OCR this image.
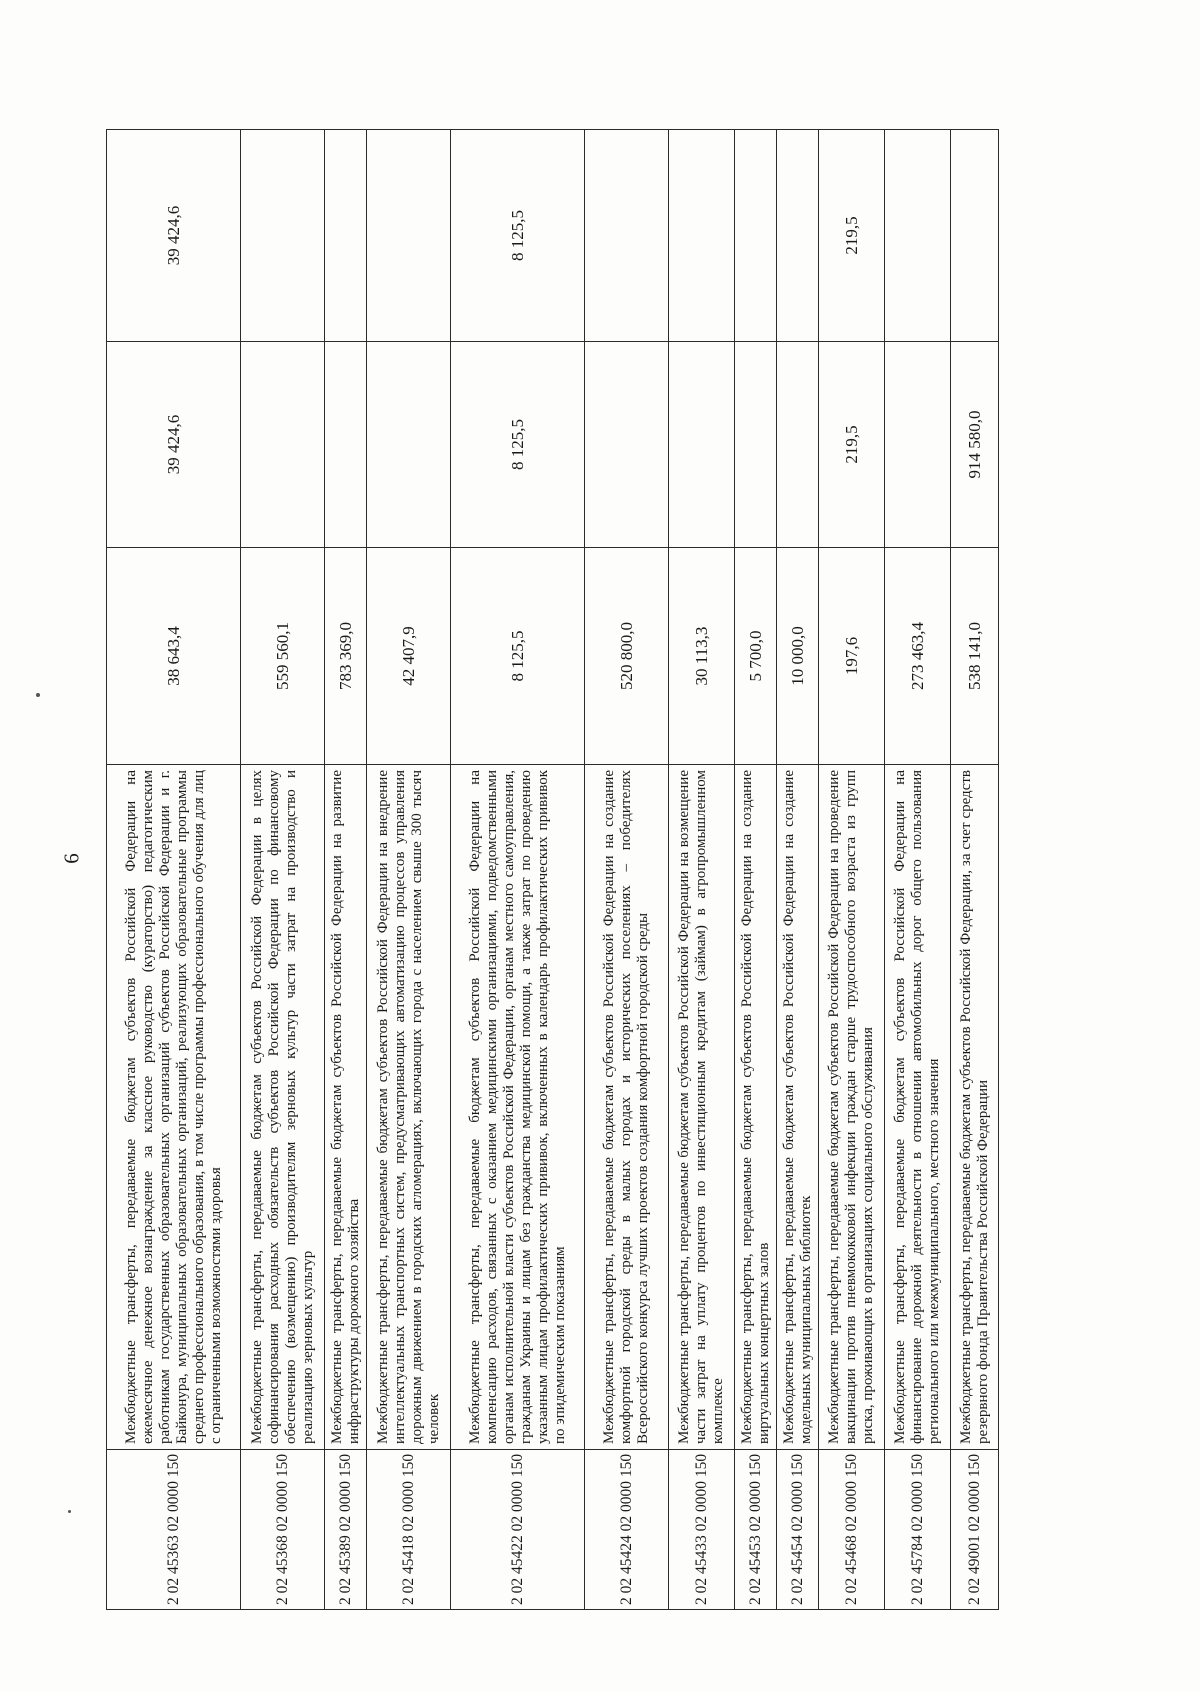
6
2 02 45363 02 0000 150	Межбюджетные трансферты, передаваемые бюджетам субъектов Российской Федерации на ежемесячное денежное вознаграждение за классное руководство (кураторство) педагогическим работникам государственных образовательных организаций субъектов Российской Федерации и г. Байконура, муниципальных образовательных организаций, реализующих образовательные программы среднего профессионального образования, в том числе программы профессионального обучения для лиц с ограниченными возможностями здоровья	38 643,4	39 424,6	39 424,6
2 02 45368 02 0000 150	Межбюджетные трансферты, передаваемые бюджетам субъектов Российской Федерации в целях софинансирования расходных обязательств субъектов Российской Федерации по финансовому обеспечению (возмещению) производителям зерновых культур части затрат на производство и реализацию зерновых культур	559 560,1		
2 02 45389 02 0000 150	Межбюджетные трансферты, передаваемые бюджетам субъектов Российской Федерации на развитие инфраструктуры дорожного хозяйства	783 369,0		
2 02 45418 02 0000 150	Межбюджетные трансферты, передаваемые бюджетам субъектов Российской Федерации на внедрение интеллектуальных транспортных систем, предусматривающих автоматизацию процессов управления дорожным движением в городских агломерациях, включающих города с населением свыше 300 тысяч человек	42 407,9		
2 02 45422 02 0000 150	Межбюджетные трансферты, передаваемые бюджетам субъектов Российской Федерации на компенсацию расходов, связанных с оказанием медицинскими организациями, подведомственными органам исполнительной власти субъектов Российской Федерации, органам местного самоуправления, гражданам Украины и лицам без гражданства медицинской помощи, а также затрат по проведению указанным лицам профилактических прививок, включенных в календарь профилактических прививок по эпидемическим показаниям	8 125,5	8 125,5	8 125,5
2 02 45424 02 0000 150	Межбюджетные трансферты, передаваемые бюджетам субъектов Российской Федерации на создание комфортной городской среды в малых городах и исторических поселениях – победителях Всероссийского конкурса лучших проектов создания комфортной городской среды	520 800,0		
2 02 45433 02 0000 150	Межбюджетные трансферты, передаваемые бюджетам субъектов Российской Федерации на возмещение части затрат на уплату процентов по инвестиционным кредитам (займам) в агропромышленном комплексе	30 113,3		
2 02 45453 02 0000 150	Межбюджетные трансферты, передаваемые бюджетам субъектов Российской Федерации на создание виртуальных концертных залов	5 700,0		
2 02 45454 02 0000 150	Межбюджетные трансферты, передаваемые бюджетам субъектов Российской Федерации на создание модельных муниципальных библиотек	10 000,0		
2 02 45468 02 0000 150	Межбюджетные трансферты, передаваемые бюджетам субъектов Российской Федерации на проведение вакцинации против пневмококковой инфекции граждан старше трудоспособного возраста из групп риска, проживающих в организациях социального обслуживания	197,6	219,5	219,5
2 02 45784 02 0000 150	Межбюджетные трансферты, передаваемые бюджетам субъектов Российской Федерации на финансирование дорожной деятельности в отношении автомобильных дорог общего пользования регионального или межмуниципального, местного значения	273 463,4		
2 02 49001 02 0000 150	Межбюджетные трансферты, передаваемые бюджетам субъектов Российской Федерации, за счет средств резервного фонда Правительства Российской Федерации	538 141,0	914 580,0	
